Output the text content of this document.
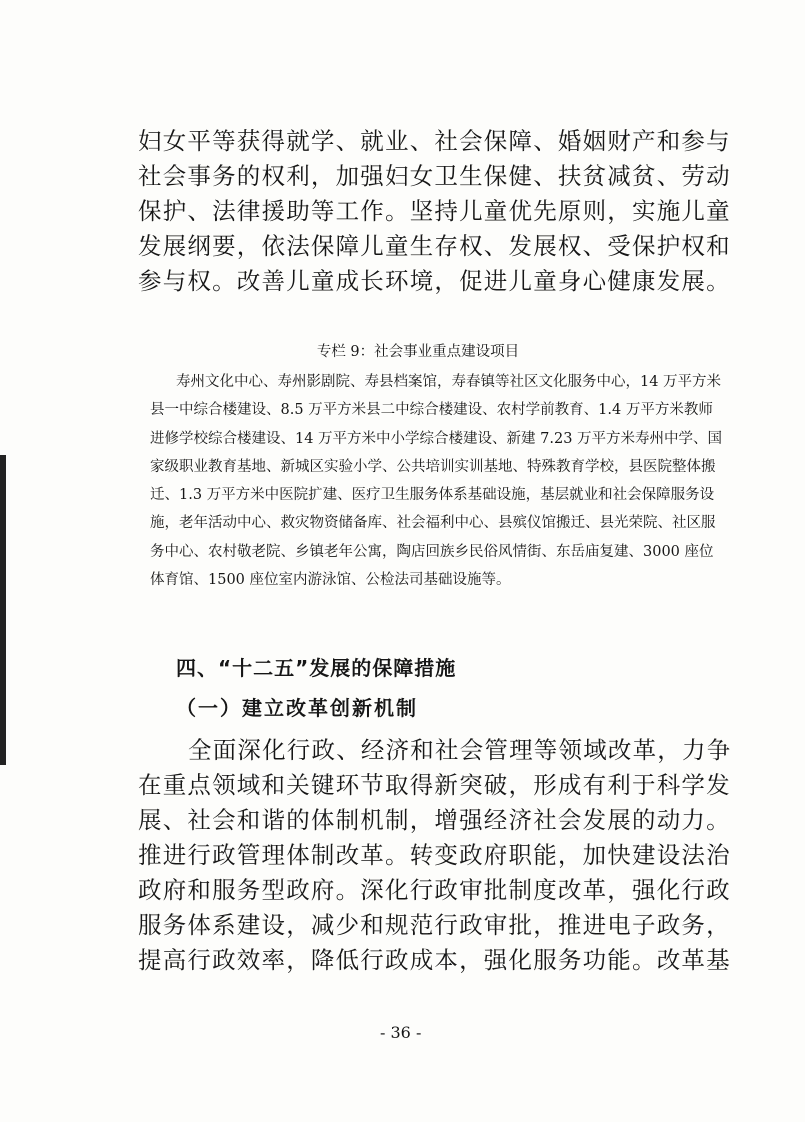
妇女平等获得就学、就业、社会保障、婚姻财产和参与社会事务的权利，加强妇女卫生保健、扶贫减贫、劳动保护、法律援助等工作。坚持儿童优先原则，实施儿童发展纲要，依法保障儿童生存权、发展权、受保护权和参与权。改善儿童成长环境，促进儿童身心健康发展。

专栏 9：社会事业重点建设项目

寿州文化中心、寿州影剧院、寿县档案馆，寿春镇等社区文化服务中心，14 万平方米县一中综合楼建设、8.5 万平方米县二中综合楼建设、农村学前教育、1.4 万平方米教师进修学校综合楼建设、14 万平方米中小学综合楼建设、新建 7.23 万平方米寿州中学、国家级职业教育基地、新城区实验小学、公共培训实训基地、特殊教育学校，县医院整体搬迁、1.3 万平方米中医院扩建、医疗卫生服务体系基础设施，基层就业和社会保障服务设施，老年活动中心、救灾物资储备库、社会福利中心、县殡仪馆搬迁、县光荣院、社区服务中心、农村敬老院、乡镇老年公寓，陶店回族乡民俗风情街、东岳庙复建、3000 座位体育馆、1500 座位室内游泳馆、公检法司基础设施等。

四、“十二五”发展的保障措施
（一）建立改革创新机制

全面深化行政、经济和社会管理等领域改革，力争在重点领域和关键环节取得新突破，形成有利于科学发展、社会和谐的体制机制，增强经济社会发展的动力。推进行政管理体制改革。转变政府职能，加快建设法治政府和服务型政府。深化行政审批制度改革，强化行政服务体系建设，减少和规范行政审批，推进电子政务，提高行政效率，降低行政成本，强化服务功能。改革基

- 36 -
